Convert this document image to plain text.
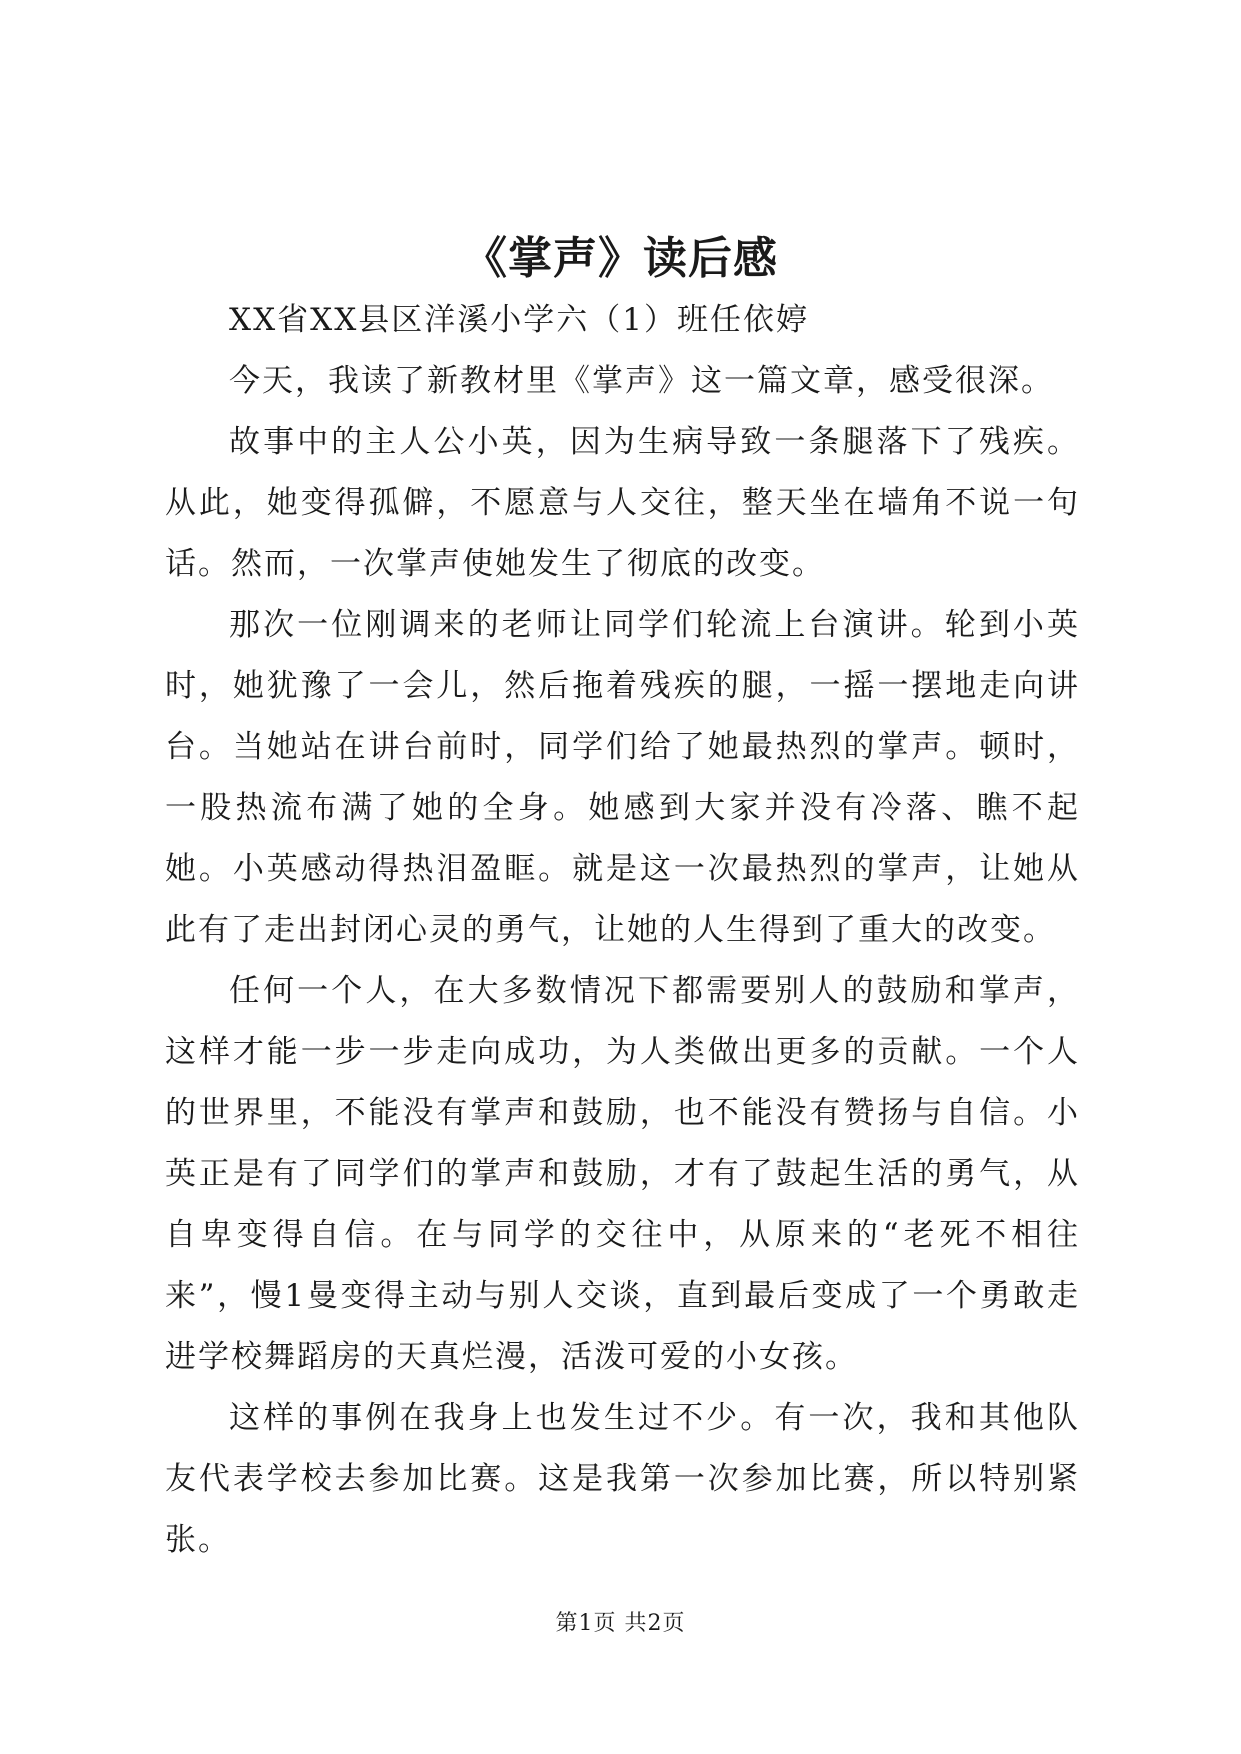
《掌声》读后感

XX省XX县区洋溪小学六（1）班任依婷

今天，我读了新教材里《掌声》这一篇文章，感受很深。

故事中的主人公小英，因为生病导致一条腿落下了残疾。从此，她变得孤僻，不愿意与人交往，整天坐在墙角不说一句话。然而，一次掌声使她发生了彻底的改变。

那次一位刚调来的老师让同学们轮流上台演讲。轮到小英时，她犹豫了一会儿，然后拖着残疾的腿，一摇一摆地走向讲台。当她站在讲台前时，同学们给了她最热烈的掌声。顿时，一股热流布满了她的全身。她感到大家并没有冷落、瞧不起她。小英感动得热泪盈眶。就是这一次最热烈的掌声，让她从此有了走出封闭心灵的勇气，让她的人生得到了重大的改变。

任何一个人，在大多数情况下都需要别人的鼓励和掌声，这样才能一步一步走向成功，为人类做出更多的贡献。一个人的世界里，不能没有掌声和鼓励，也不能没有赞扬与自信。小英正是有了同学们的掌声和鼓励，才有了鼓起生活的勇气，从自卑变得自信。在与同学的交往中，从原来的“老死不相往来”，慢1曼变得主动与别人交谈，直到最后变成了一个勇敢走进学校舞蹈房的天真烂漫，活泼可爱的小女孩。

这样的事例在我身上也发生过不少。有一次，我和其他队友代表学校去参加比赛。这是我第一次参加比赛，所以特别紧张。

第1页 共2页
